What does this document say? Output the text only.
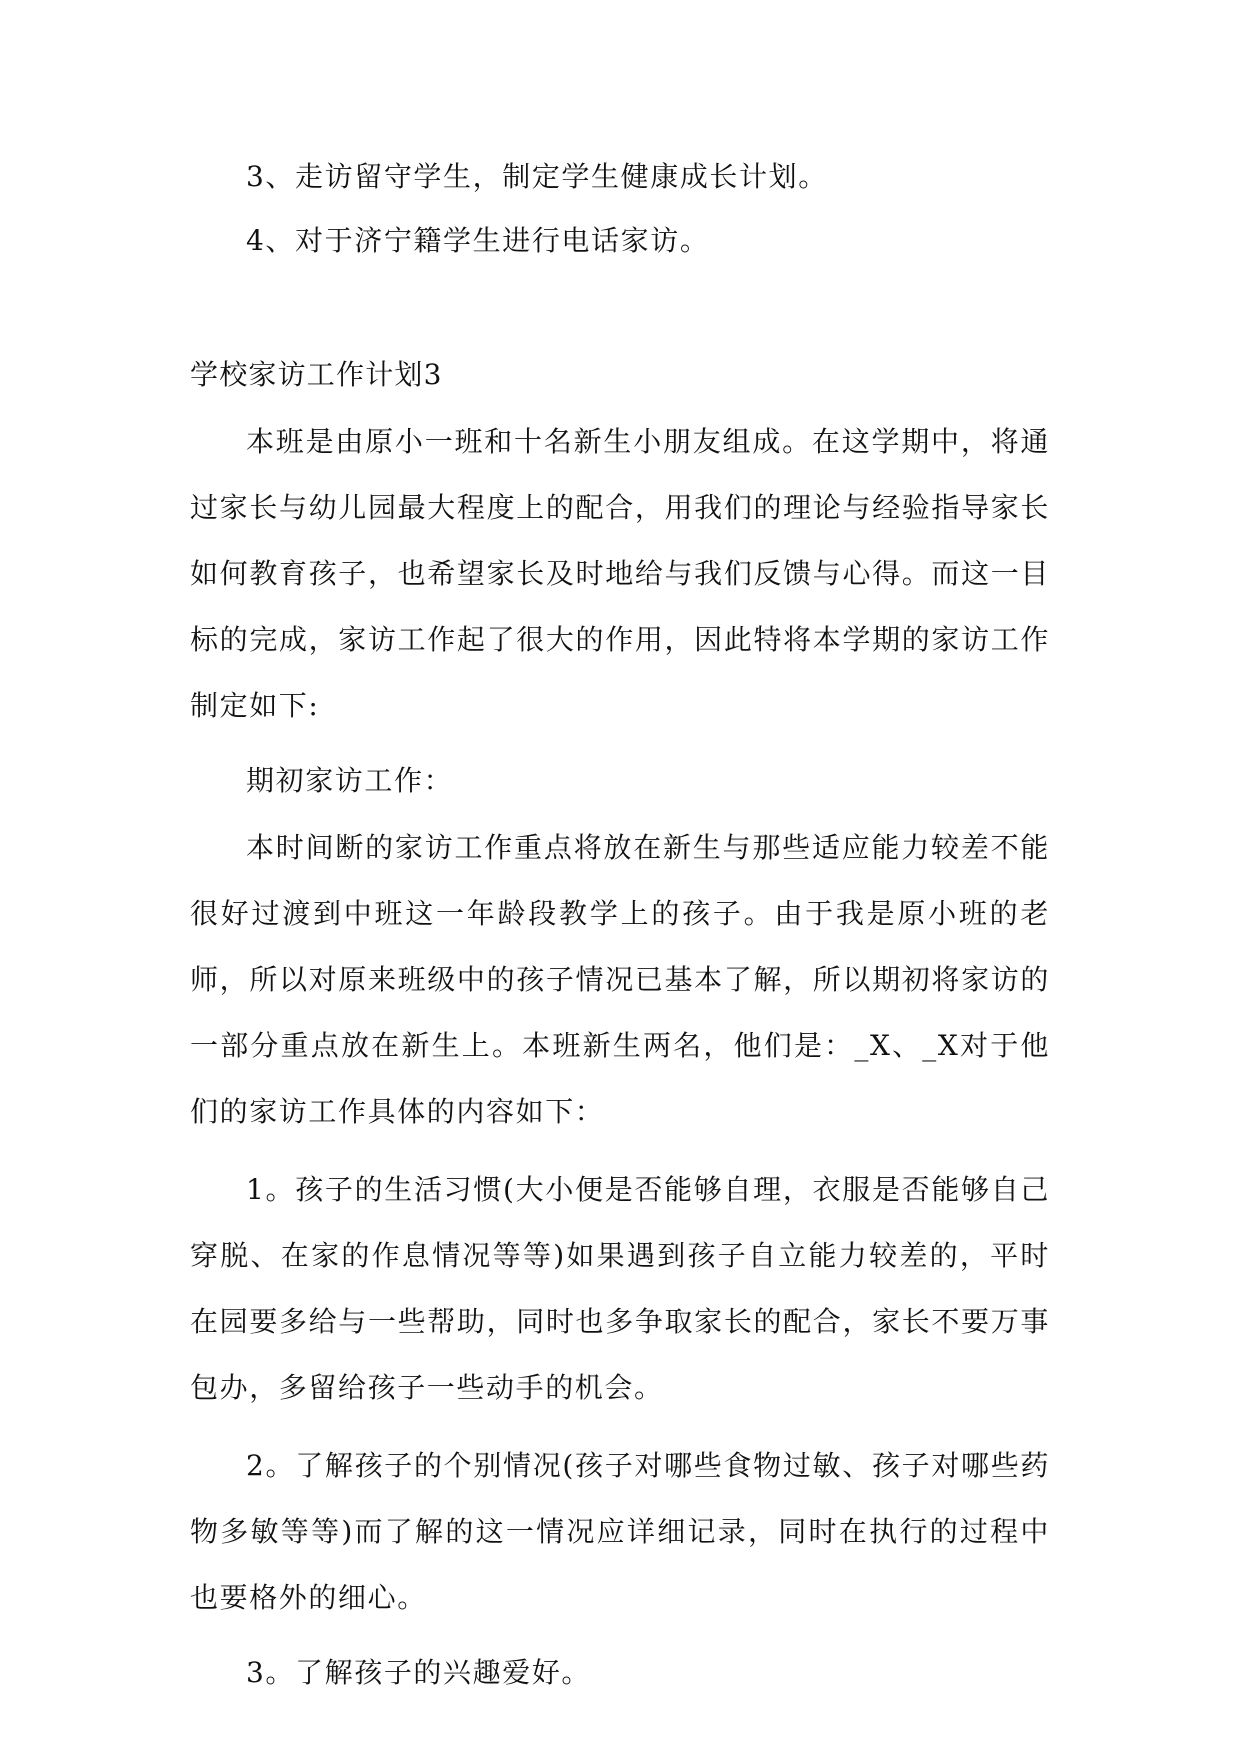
3、走访留守学生，制定学生健康成长计划。

4、对于济宁籍学生进行电话家访。

学校家访工作计划3

本班是由原小一班和十名新生小朋友组成。在这学期中，将通过家长与幼儿园最大程度上的配合，用我们的理论与经验指导家长如何教育孩子，也希望家长及时地给与我们反馈与心得。而这一目标的完成，家访工作起了很大的作用，因此特将本学期的家访工作制定如下:

期初家访工作：

本时间断的家访工作重点将放在新生与那些适应能力较差不能很好过渡到中班这一年龄段教学上的孩子。由于我是原小班的老师，所以对原来班级中的孩子情况已基本了解，所以期初将家访的一部分重点放在新生上。本班新生两名，他们是：_X、_X对于他们的家访工作具体的内容如下：

1。孩子的生活习惯(大小便是否能够自理，衣服是否能够自己穿脱、在家的作息情况等等)如果遇到孩子自立能力较差的，平时在园要多给与一些帮助，同时也多争取家长的配合，家长不要万事包办，多留给孩子一些动手的机会。

2。了解孩子的个别情况(孩子对哪些食物过敏、孩子对哪些药物多敏等等)而了解的这一情况应详细记录，同时在执行的过程中也要格外的细心。

3。了解孩子的兴趣爱好。
